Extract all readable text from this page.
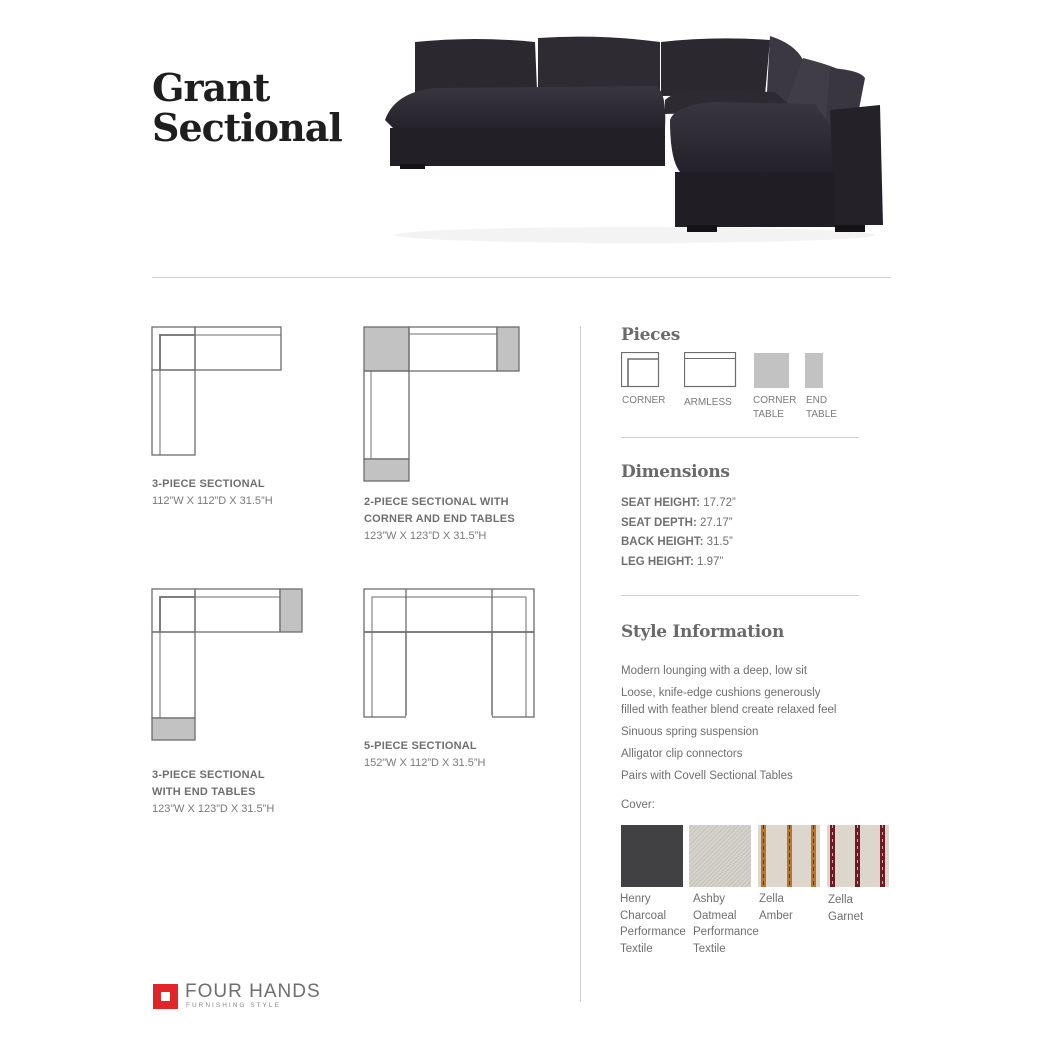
Grant
Sectional
3-PIECE SECTIONAL
112”W X 112”D X 31.5”H	2-PIECE SECTIONAL WITH
CORNER AND END TABLES
123”W X 123”D X 31.5”H
3-PIECE SECTIONAL
WITH END TABLES
123”W X 123”D X 31.5”H
5-PIECE SECTIONAL
152”W X 112”D X 31.5”H
Pieces
CORNER ARMLESS CORNER
TABLE
END
TABLE
Dimensions
SEAT HEIGHT: 17.72”
SEAT DEPTH: 27.17”
BACK HEIGHT: 31.5”
LEG HEIGHT: 1.97”
Style Information
Modern lounging with a deep, low sit
Loose, knife-edge cushions generously
filled with feather blend create relaxed feel
Sinuous spring suspension
Alligator clip connectors
Pairs with Covell Sectional Tables
Cover:
Henry
Charcoal
Performance
Textile
Ashby
Oatmeal
Performance
Textile
Zella
Amber
Zella
Garnet
FOUR HANDS
FURNISHING STYLE
